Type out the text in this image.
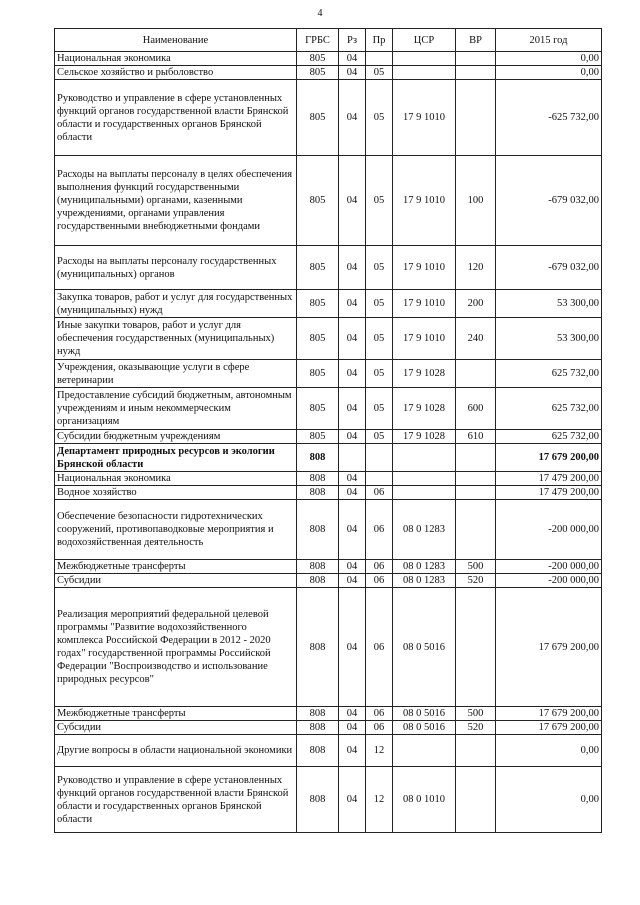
4
Наименование	ГРБС	Рз	Пр	ЦСР	ВР	2015 год
Национальная экономика	805	04				0,00
Сельское хозяйство и рыболовство	805	04	05			0,00
Руководство и управление в сфере установленных функций органов государственной власти Брянской области и государственных органов Брянской области	805	04	05	17 9 1010		-625 732,00
Расходы на выплаты персоналу в целях обеспечения выполнения функций государственными (муниципальными) органами, казенными учреждениями, органами управления государственными внебюджетными фондами	805	04	05	17 9 1010	100	-679 032,00
Расходы на выплаты персоналу государственных (муниципальных) органов	805	04	05	17 9 1010	120	-679 032,00
Закупка товаров, работ и услуг для государственных (муниципальных) нужд	805	04	05	17 9 1010	200	53 300,00
Иные закупки товаров, работ и услуг для обеспечения государственных (муниципальных) нужд	805	04	05	17 9 1010	240	53 300,00
Учреждения, оказывающие услуги в сфере ветеринарии	805	04	05	17 9 1028		625 732,00
Предоставление субсидий бюджетным, автономным учреждениям и иным некоммерческим организациям	805	04	05	17 9 1028	600	625 732,00
Субсидии бюджетным учреждениям	805	04	05	17 9 1028	610	625 732,00
Департамент природных ресурсов и экологии Брянской области	808					17 679 200,00
Национальная экономика	808	04				17 479 200,00
Водное хозяйство	808	04	06			17 479 200,00
Обеспечение безопасности гидротехнических сооружений, противопаводковые мероприятия и водохозяйственная деятельность	808	04	06	08 0 1283		-200 000,00
Межбюджетные трансферты	808	04	06	08 0 1283	500	-200 000,00
Субсидии	808	04	06	08 0 1283	520	-200 000,00
Реализация мероприятий федеральной целевой программы "Развитие водохозяйственного комплекса Российской Федерации в 2012 - 2020 годах" государственной программы Российской Федерации "Воспроизводство и использование природных ресурсов"	808	04	06	08 0 5016		17 679 200,00
Межбюджетные трансферты	808	04	06	08 0 5016	500	17 679 200,00
Субсидии	808	04	06	08 0 5016	520	17 679 200,00
Другие вопросы в области национальной экономики	808	04	12			0,00
Руководство и управление в сфере установленных функций органов государственной власти Брянской области и государственных органов Брянской области	808	04	12	08 0 1010		0,00
